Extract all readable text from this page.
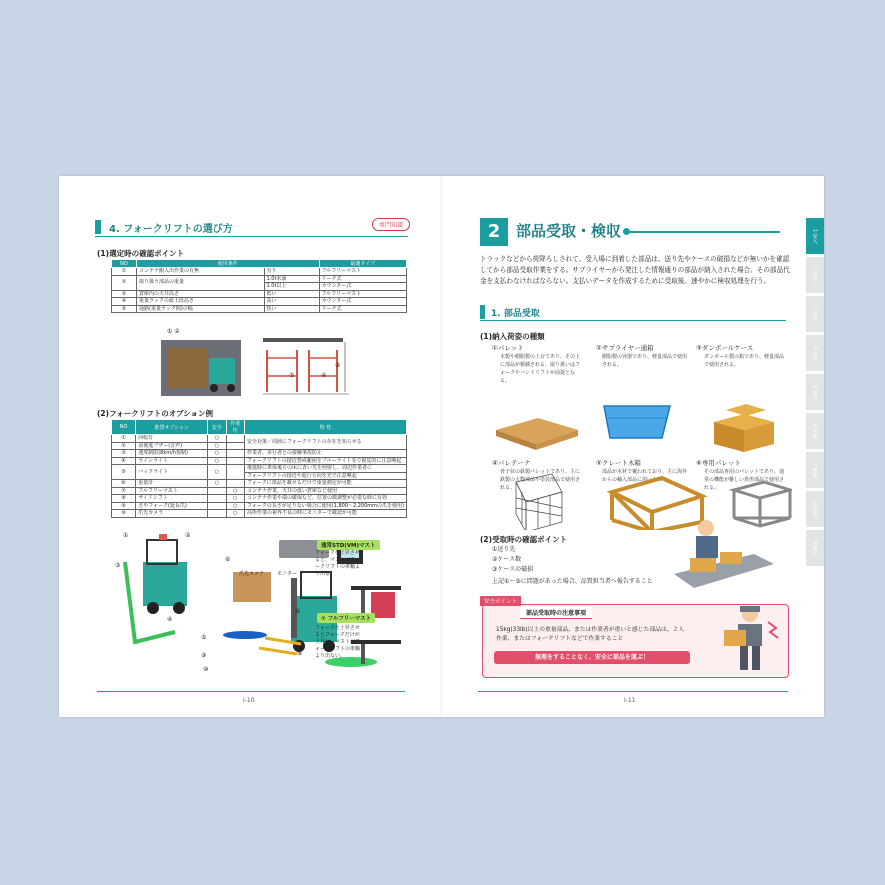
4. フォークリフトの選び方	専門知識
(1)選定時の確認ポイント
NO	使用条件		最適タイプ
①	コンテナ搬入出作業の有無	有り	フルフリーマスト
②	取り扱う部品の重量	1.0t未満	リーチ式
		1.0t以上	カウンター式
③	倉庫内の天井高さ	低い	フルフリーマスト
④	重量ラックの最上段高さ	高い	カウンター式
⑤	通路(重量ラック間)の幅	狭い	リーチ式
① ②
③
④
⑤
(2)フォークリフトのオプション例
NO	推奨オプション	安全	作業性	特 性
①	回転灯	○		安全対策／周囲にフォークリフトの存在を知らせる
②	前後進ブザー(音声)	○		
③	速度制限(8km/h規制)	○		作業者、歩行者との接触事故防止
④	ラインライト	○		フォークリフトの接近警戒範囲をブルーライト等で視覚的に注意喚起
⑤	バックライト	○		後進時に車体後方の床に青い光を照射し、周辺作業者に
				フォークリフトの接近や進行方向を光で注意喚起
⑥	重量計	○		フォークに部品を載せるだけで重量測定が可能
⑦	フルフリーマスト		○	コンテナ作業、天井の低い倉庫など使用
⑧	サイドシフト		○	コンテナ作業や端の確保など、位置の微調整が必要な時に有効
⑨	さやフォーク(延長爪)		○	フォークの長さが足りない場合に使用(1,800～2,200mmの爪を使用)
⑩	爪先カメラ		○	高所作業の視界不良の時にモニターで確認が可能
通常STD(VM)マスト
フォークを上昇させると、マストがフォークリフトの車軸より出る。
⑦ フルフリーマスト
フォークを上昇させるとフォークだけが上昇し、マストがフォークリフトの車軸より出ない。
爪先カメラ	モニター
①	②
③
④
⑤
⑥
⑥
⑧
⑨
⑩
I-10
2	部品受取・検収
トラックなどから荷降ろしされて、受入場に到着した部品は、送り先やケースの破損などが無いかを確認してから部品受取作業をする。サプライヤーから発注した情報通りの部品が納入された場合、その部品代金を支払わなければならない。支払いデータを作成するために受取後、速やかに検収処理を行う。
1. 部品受取
(1)納入荷姿の種類
①パレット
木製や樹脂製の土台であり、その上に部品が積載される。取り扱いはフォークやハンドリフトが前提となる。
②サプライヤー通箱
樹脂製の容器であり、軽量部品で使用される。
③ダンボールケース
ダンボール製の箱であり、軽量部品で使用される。
④パレテーナ
骨子状の鉄製パレットであり、主に鉄製の大物部品や塗装部品で使用される。
⑤クレート木箱
部品が木材で覆われており、主に海外からの輸入部品に用いられる。
⑥専用パレット
その部品専用のパレットであり、通常の機能が難しい異形部品で使用される。
(2)受取時の確認ポイント
①送り先
②ケース数
③ケースの破損
上記①～③に問題があった場合、品質担当者へ報告すること
安全ポイント
部品受取時の注意事項
15kg(33lb)以上の重量部品、または作業者が重いと感じた部品は、２人作業、またはフォークリフトなどで作業すること
無理をすることなく、安全に部品を運ぶ！
1 受入
2 保管
3 出荷
4 入庫
5 保管
6 出庫
7 棚卸
8 在庫
9 返品
I-11
